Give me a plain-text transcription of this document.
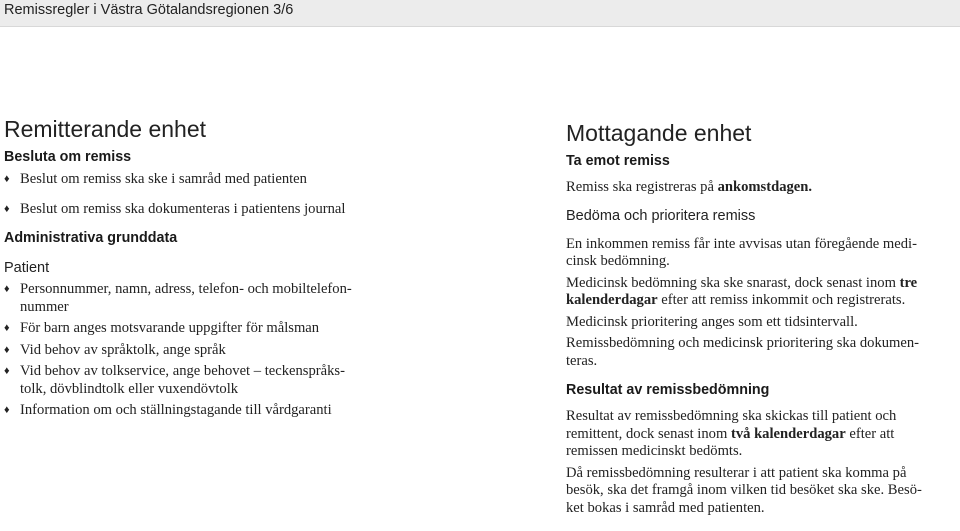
Remissregler i Västra Götalandsregionen 3/6
Remitterande enhet
Besluta om remiss
♦ Beslut om remiss ska ske i samråd med patienten
♦ Beslut om remiss ska dokumenteras i patientens journal
Administrativa grunddata
Patient
♦ Personnummer, namn, adress, telefon- och mobiltelefon-
nummer
♦ För barn anges motsvarande uppgifter för målsman
♦ Vid behov av språktolk, ange språk
♦ Vid behov av tolkservice, ange behovet – teckenspråks-
tolk, dövblindtolk eller vuxendövtolk
♦ Information om och ställningstagande till vårdgaranti
Mottagande enhet
Ta emot remiss

Remiss ska registreras på ankomstdagen.

Bedöma och prioritera remiss

En inkommen remiss får inte avvisas utan föregående medi-
cinsk bedömning.

Medicinsk bedömning ska ske snarast, dock senast inom tre
kalenderdagar efter att remiss inkommit och registrerats.

Medicinsk prioritering anges som ett tidsintervall.

Remissbedömning och medicinsk prioritering ska dokumen-
teras.

Resultat av remissbedömning

Resultat av remissbedömning ska skickas till patient och
remittent, dock senast inom två kalenderdagar efter att
remissen medicinskt bedömts.

Då remissbedömning resulterar i att patient ska komma på
besök, ska det framgå inom vilken tid besöket ska ske. Besö-
ket bokas i samråd med patienten.
